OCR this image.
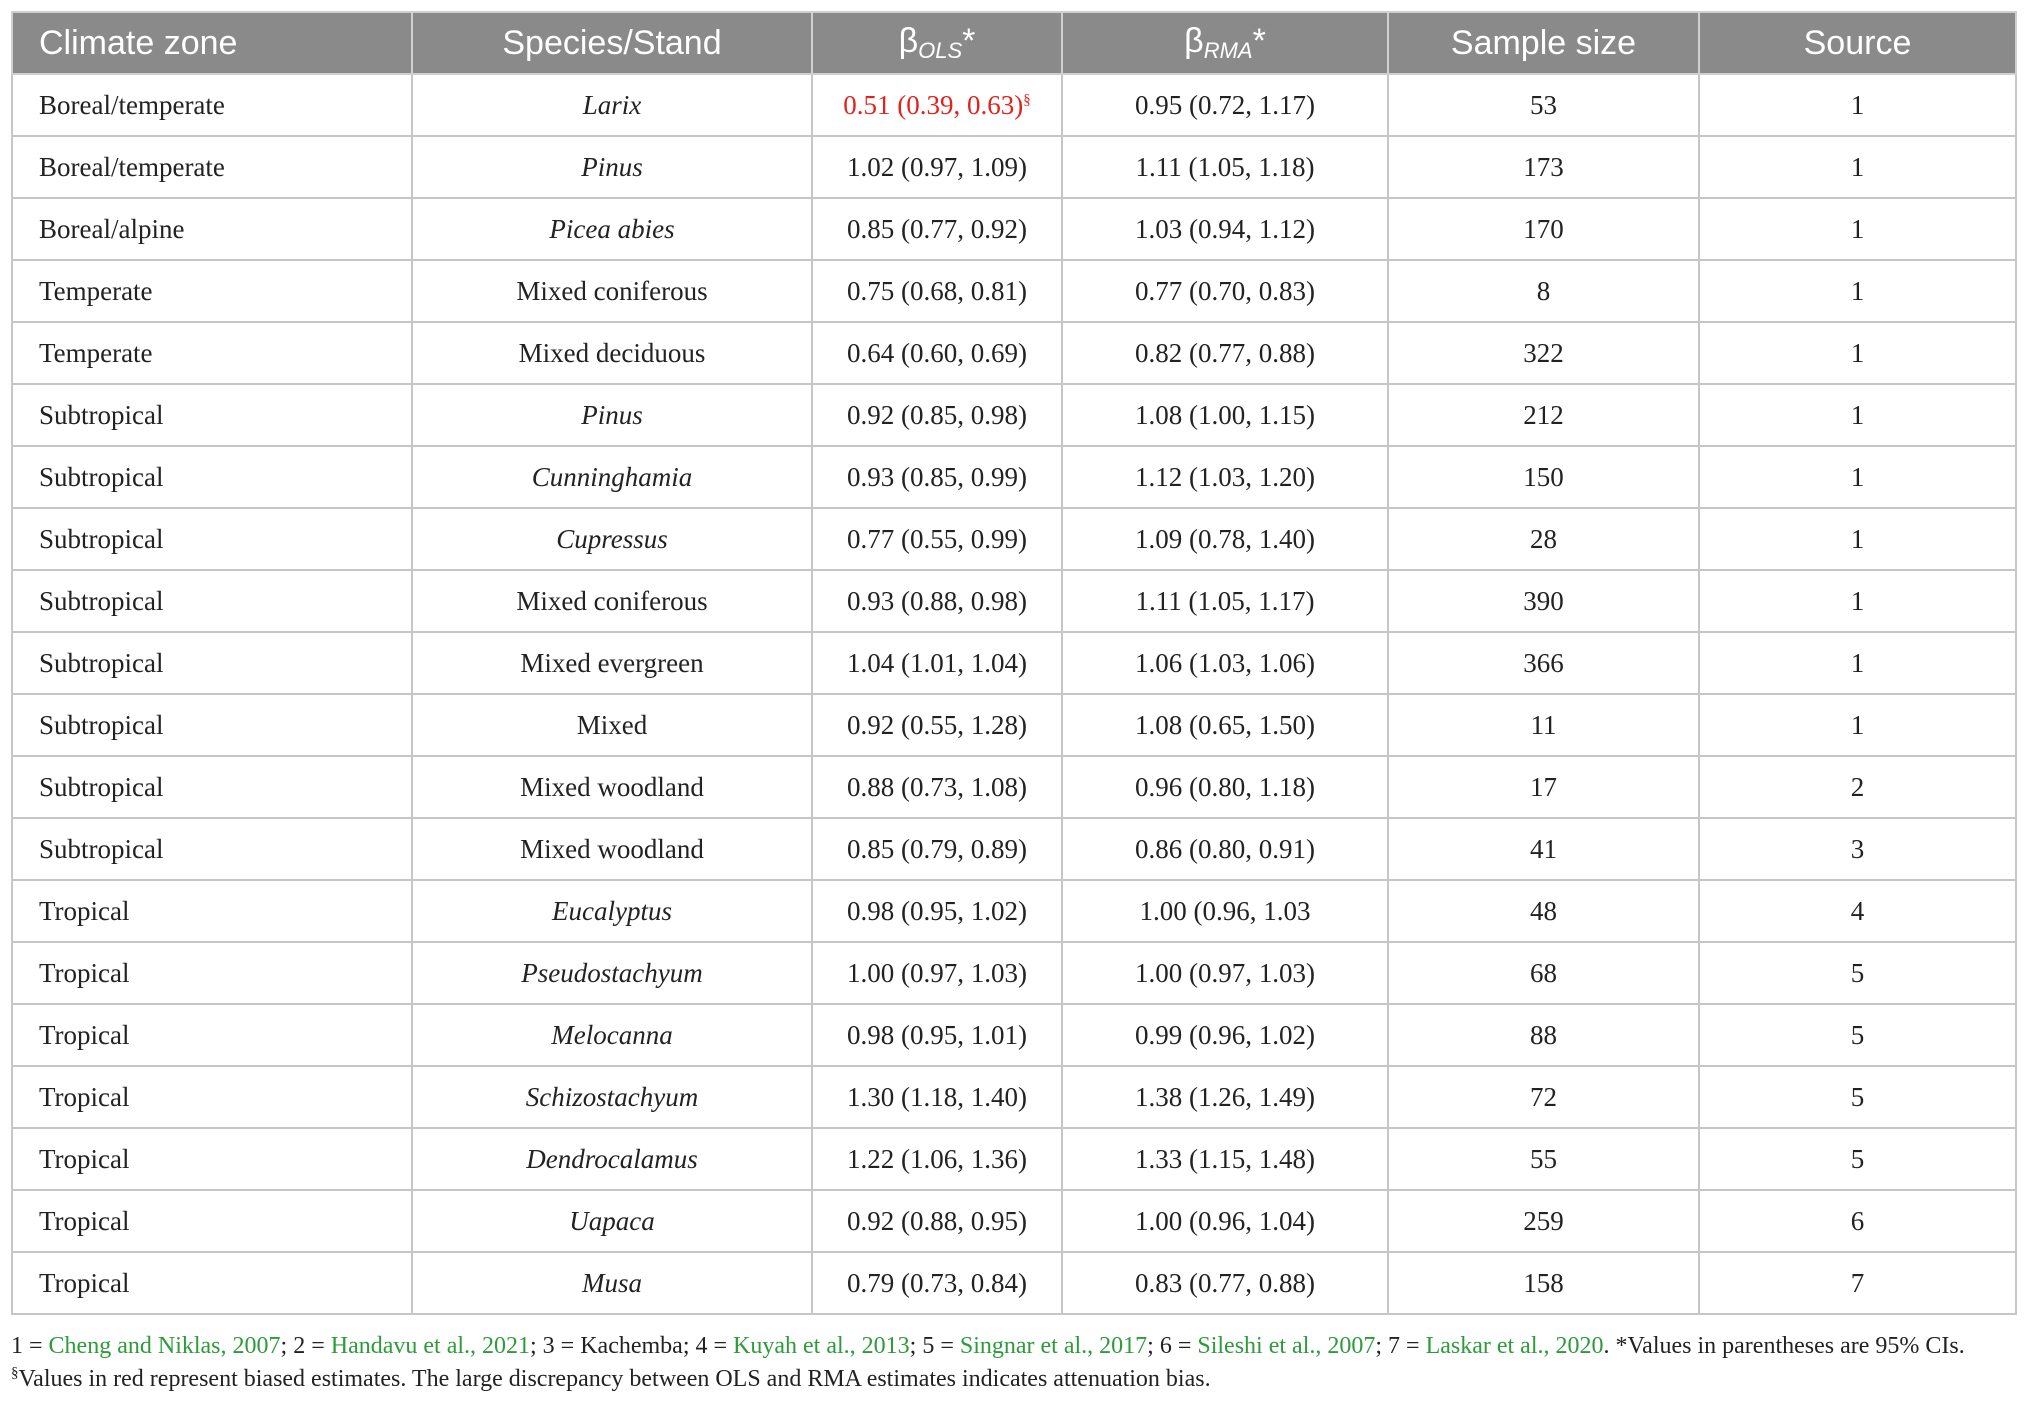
Climate zone	Species/Stand	$\beta_{OLS}*$	$\beta_{RMA}*$	Sample size	Source
Boreal/temperate	Larix	0.51 (0.39, 0.63)§	0.95 (0.72, 1.17)	53	1
Boreal/temperate	Pinus	1.02 (0.97, 1.09)	1.11 (1.05, 1.18)	173	1
Boreal/alpine	Picea abies	0.85 (0.77, 0.92)	1.03 (0.94, 1.12)	170	1
Temperate	Mixed coniferous	0.75 (0.68, 0.81)	0.77 (0.70, 0.83)	8	1
Temperate	Mixed deciduous	0.64 (0.60, 0.69)	0.82 (0.77, 0.88)	322	1
Subtropical	Pinus	0.92 (0.85, 0.98)	1.08 (1.00, 1.15)	212	1
Subtropical	Cunninghamia	0.93 (0.85, 0.99)	1.12 (1.03, 1.20)	150	1
Subtropical	Cupressus	0.77 (0.55, 0.99)	1.09 (0.78, 1.40)	28	1
Subtropical	Mixed coniferous	0.93 (0.88, 0.98)	1.11 (1.05, 1.17)	390	1
Subtropical	Mixed evergreen	1.04 (1.01, 1.04)	1.06 (1.03, 1.06)	366	1
Subtropical	Mixed	0.92 (0.55, 1.28)	1.08 (0.65, 1.50)	11	1
Subtropical	Mixed woodland	0.88 (0.73, 1.08)	0.96 (0.80, 1.18)	17	2
Subtropical	Mixed woodland	0.85 (0.79, 0.89)	0.86 (0.80, 0.91)	41	3
Tropical	Eucalyptus	0.98 (0.95, 1.02)	1.00 (0.96, 1.03	48	4
Tropical	Pseudostachyum	1.00 (0.97, 1.03)	1.00 (0.97, 1.03)	68	5
Tropical	Melocanna	0.98 (0.95, 1.01)	0.99 (0.96, 1.02)	88	5
Tropical	Schizostachyum	1.30 (1.18, 1.40)	1.38 (1.26, 1.49)	72	5
Tropical	Dendrocalamus	1.22 (1.06, 1.36)	1.33 (1.15, 1.48)	55	5
Tropical	Uapaca	0.92 (0.88, 0.95)	1.00 (0.96, 1.04)	259	6
Tropical	Musa	0.79 (0.73, 0.84)	0.83 (0.77, 0.88)	158	7
1 = Cheng and Niklas, 2007; 2 = Handavu et al., 2021; 3 = Kachemba; 4 = Kuyah et al., 2013; 5 = Singnar et al., 2017; 6 = Sileshi et al., 2007; 7 = Laskar et al., 2020. *Values in parentheses are 95% CIs. §Values in red represent biased estimates. The large discrepancy between OLS and RMA estimates indicates attenuation bias.
